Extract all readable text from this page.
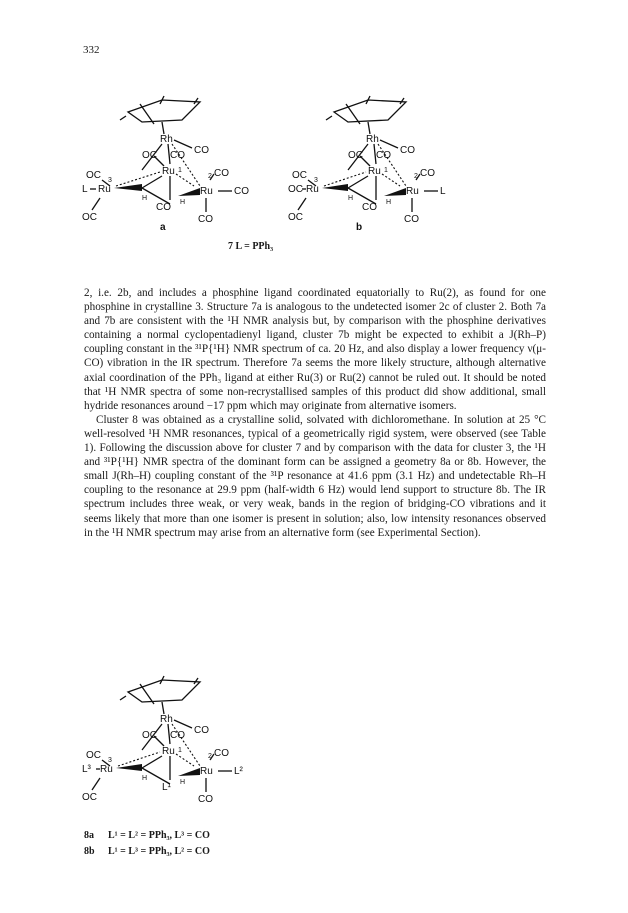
332
Rh
CO
OC CO
Ru 1
OC 3
L Ru
H
CO H
2 CO
Ru CO
CO
OC
a
Rh
CO
OC CO
Ru 1
OC 3
OC Ru
H
CO H
2 CO
Ru L
CO
OC
b
7 L = PPh₃

2, i.e. 2b, and includes a phosphine ligand coordinated equatorially to Ru(2), as found for one phosphine in crystalline 3. Structure 7a is analogous to the undetected isomer 2c of cluster 2. Both 7a and 7b are consistent with the ¹H NMR analysis but, by comparison with the phosphine derivatives containing a normal cyclopentadienyl ligand, cluster 7b might be expected to exhibit a J(Rh–P) coupling constant in the ³¹P{¹H} NMR spectrum of ca. 20 Hz, and also display a lower frequency ν(μ-CO) vibration in the IR spectrum. Therefore 7a seems the more likely structure, although alternative axial coordination of the PPh₃ ligand at either Ru(3) or Ru(2) cannot be ruled out. It should be noted that ¹H NMR spectra of some non-recrystallised samples of this product did show additional, small hydride resonances around −17 ppm which may originate from alternative isomers.

Cluster 8 was obtained as a crystalline solid, solvated with dichloromethane. In solution at 25 °C well-resolved ¹H NMR resonances, typical of a geometrically rigid system, were observed (see Table 1). Following the discussion above for cluster 7 and by comparison with the data for cluster 3, the ¹H and ³¹P{¹H} NMR spectra of the dominant form can be assigned a geometry 8a or 8b. However, the small J(Rh–H) coupling constant of the ³¹P resonance at 41.6 ppm (3.1 Hz) and undetectable Rh–H coupling to the resonance at 29.9 ppm (half-width 6 Hz) would lend support to structure 8b. The IR spectrum includes three weak, or very weak, bands in the region of bridging-CO vibrations and it seems likely that more than one isomer is present in solution; also, low intensity resonances observed in the ¹H NMR spectrum may arise from an alternative form (see Experimental Section).

Rh
CO
OC CO
Ru 1
OC 3
L³ Ru
H
L¹ H
2 CO
Ru L²
CO
OC
8a L¹ = L² = PPh₃, L³ = CO
8b L¹ = L³ = PPh₃, L² = CO
